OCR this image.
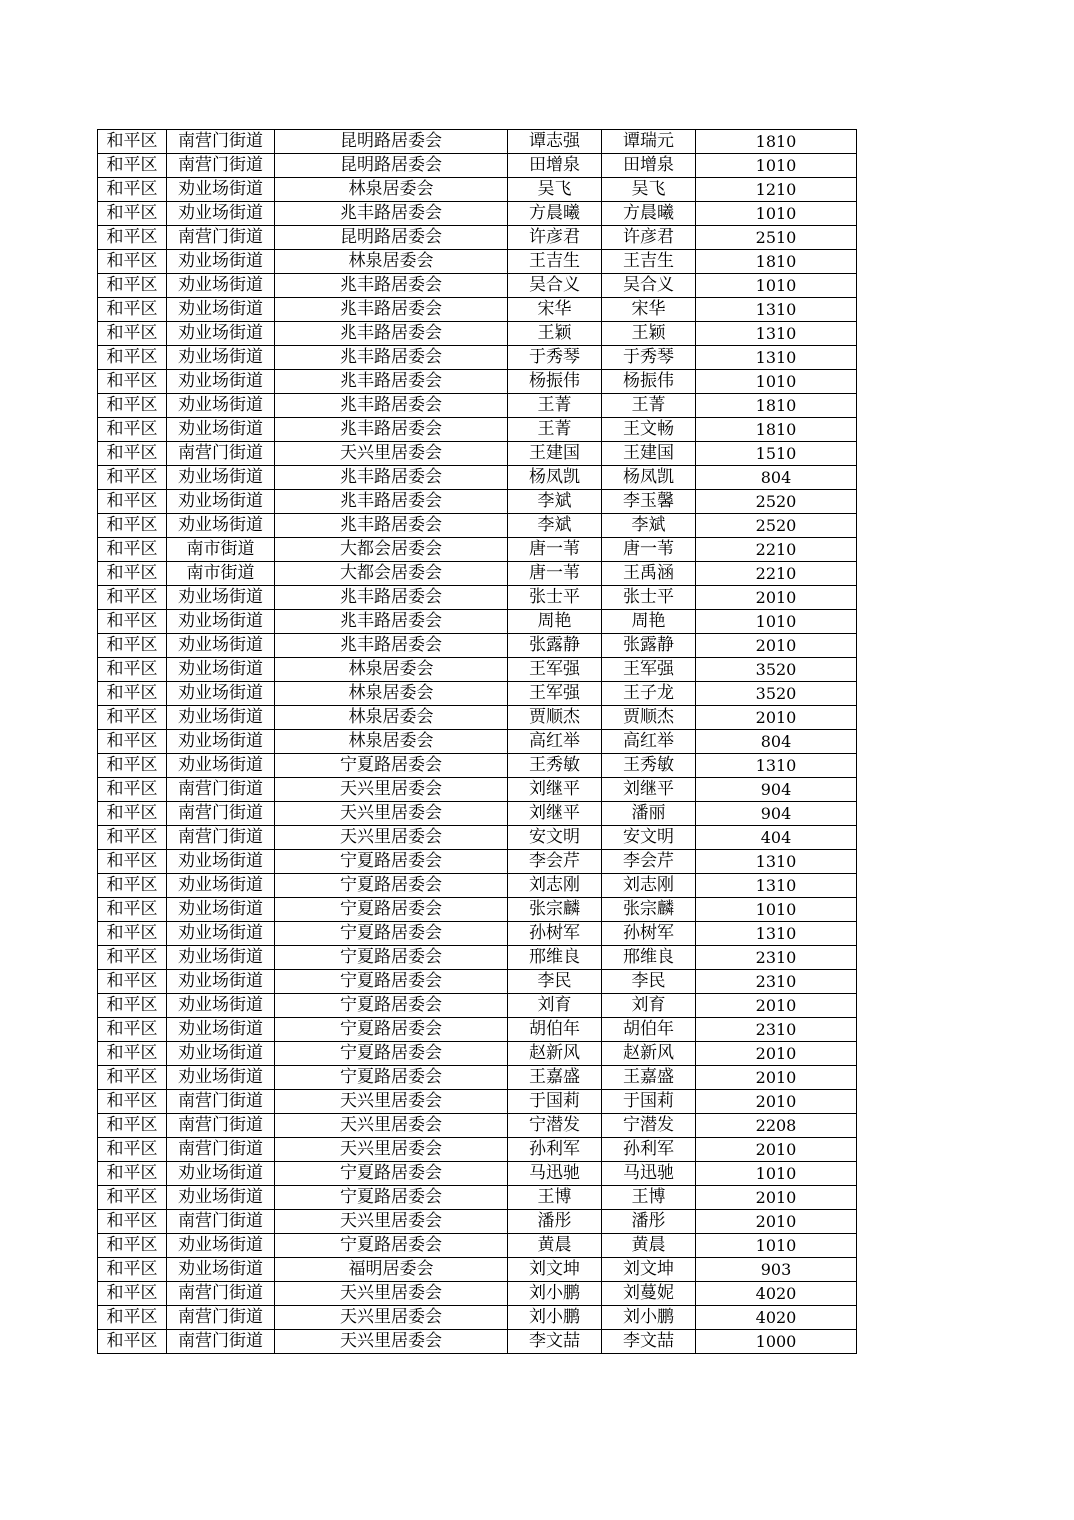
和平区	南营门街道	昆明路居委会	谭志强	谭瑞元	1810
和平区	南营门街道	昆明路居委会	田增泉	田增泉	1010
和平区	劝业场街道	林泉居委会	吴飞	吴飞	1210
和平区	劝业场街道	兆丰路居委会	方晨曦	方晨曦	1010
和平区	南营门街道	昆明路居委会	许彦君	许彦君	2510
和平区	劝业场街道	林泉居委会	王吉生	王吉生	1810
和平区	劝业场街道	兆丰路居委会	吴合义	吴合义	1010
和平区	劝业场街道	兆丰路居委会	宋华	宋华	1310
和平区	劝业场街道	兆丰路居委会	王颖	王颖	1310
和平区	劝业场街道	兆丰路居委会	于秀琴	于秀琴	1310
和平区	劝业场街道	兆丰路居委会	杨振伟	杨振伟	1010
和平区	劝业场街道	兆丰路居委会	王菁	王菁	1810
和平区	劝业场街道	兆丰路居委会	王菁	王文畅	1810
和平区	南营门街道	天兴里居委会	王建国	王建国	1510
和平区	劝业场街道	兆丰路居委会	杨凤凯	杨凤凯	804
和平区	劝业场街道	兆丰路居委会	李斌	李玉馨	2520
和平区	劝业场街道	兆丰路居委会	李斌	李斌	2520
和平区	南市街道	大都会居委会	唐一苇	唐一苇	2210
和平区	南市街道	大都会居委会	唐一苇	王禹涵	2210
和平区	劝业场街道	兆丰路居委会	张士平	张士平	2010
和平区	劝业场街道	兆丰路居委会	周艳	周艳	1010
和平区	劝业场街道	兆丰路居委会	张露静	张露静	2010
和平区	劝业场街道	林泉居委会	王军强	王军强	3520
和平区	劝业场街道	林泉居委会	王军强	王子龙	3520
和平区	劝业场街道	林泉居委会	贾顺杰	贾顺杰	2010
和平区	劝业场街道	林泉居委会	高红举	高红举	804
和平区	劝业场街道	宁夏路居委会	王秀敏	王秀敏	1310
和平区	南营门街道	天兴里居委会	刘继平	刘继平	904
和平区	南营门街道	天兴里居委会	刘继平	潘丽	904
和平区	南营门街道	天兴里居委会	安文明	安文明	404
和平区	劝业场街道	宁夏路居委会	李会芹	李会芹	1310
和平区	劝业场街道	宁夏路居委会	刘志刚	刘志刚	1310
和平区	劝业场街道	宁夏路居委会	张宗麟	张宗麟	1010
和平区	劝业场街道	宁夏路居委会	孙树军	孙树军	1310
和平区	劝业场街道	宁夏路居委会	邢维良	邢维良	2310
和平区	劝业场街道	宁夏路居委会	李民	李民	2310
和平区	劝业场街道	宁夏路居委会	刘育	刘育	2010
和平区	劝业场街道	宁夏路居委会	胡伯年	胡伯年	2310
和平区	劝业场街道	宁夏路居委会	赵新风	赵新风	2010
和平区	劝业场街道	宁夏路居委会	王嘉盛	王嘉盛	2010
和平区	南营门街道	天兴里居委会	于国莉	于国莉	2010
和平区	南营门街道	天兴里居委会	宁潜发	宁潜发	2208
和平区	南营门街道	天兴里居委会	孙利军	孙利军	2010
和平区	劝业场街道	宁夏路居委会	马迅驰	马迅驰	1010
和平区	劝业场街道	宁夏路居委会	王博	王博	2010
和平区	南营门街道	天兴里居委会	潘彤	潘彤	2010
和平区	劝业场街道	宁夏路居委会	黄晨	黄晨	1010
和平区	劝业场街道	福明居委会	刘文坤	刘文坤	903
和平区	南营门街道	天兴里居委会	刘小鹏	刘蔓妮	4020
和平区	南营门街道	天兴里居委会	刘小鹏	刘小鹏	4020
和平区	南营门街道	天兴里居委会	李文喆	李文喆	1000
